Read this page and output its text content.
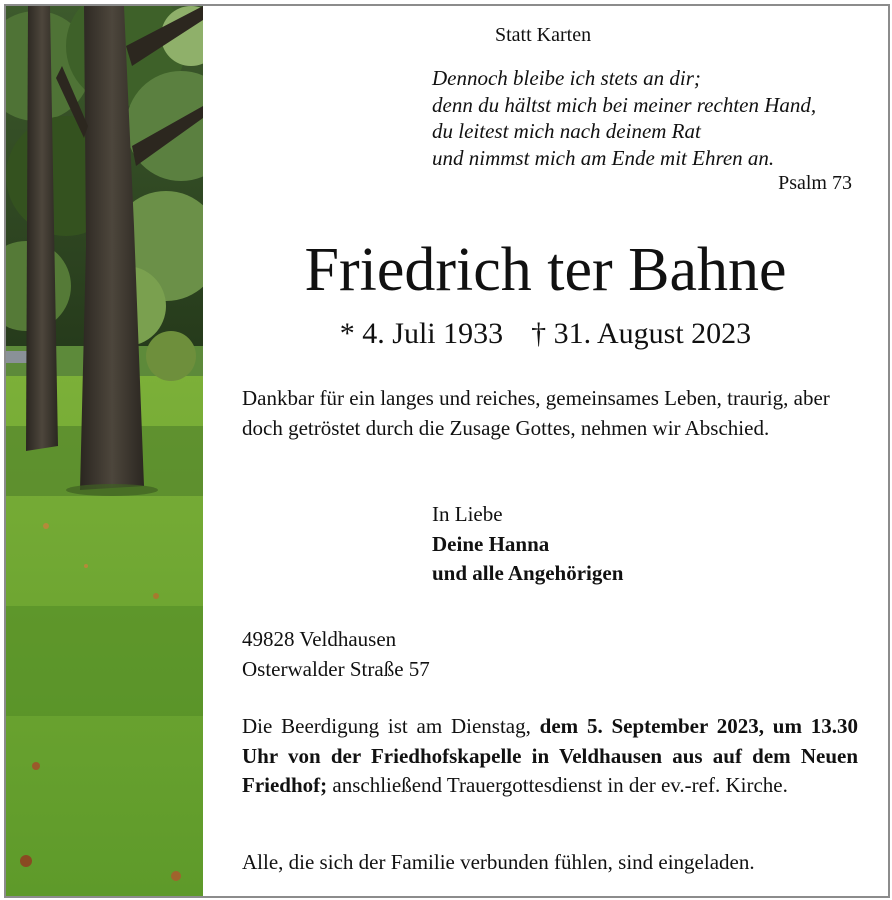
Statt Karten

Dennoch bleibe ich stets an dir;
denn du hältst mich bei meiner rechten Hand,
du leitest mich nach deinem Rat
und nimmst mich am Ende mit Ehren an.

Psalm 73

Friedrich ter Bahne

* 4. Juli 1933 † 31. August 2023

Dankbar für ein langes und reiches, gemeinsames Leben, traurig, aber doch getröstet durch die Zusage Gottes, nehmen wir Abschied.

In Liebe
Deine Hanna
und alle Angehörigen
49828 Veldhausen
Osterwalder Straße 57

Die Beerdigung ist am Dienstag, dem 5. September 2023, um 13.30 Uhr von der Friedhofskapelle in Veldhausen aus auf dem Neuen Friedhof; anschließend Trauergottesdienst in der ev.-ref. Kirche.

Alle, die sich der Familie verbunden fühlen, sind eingeladen.
